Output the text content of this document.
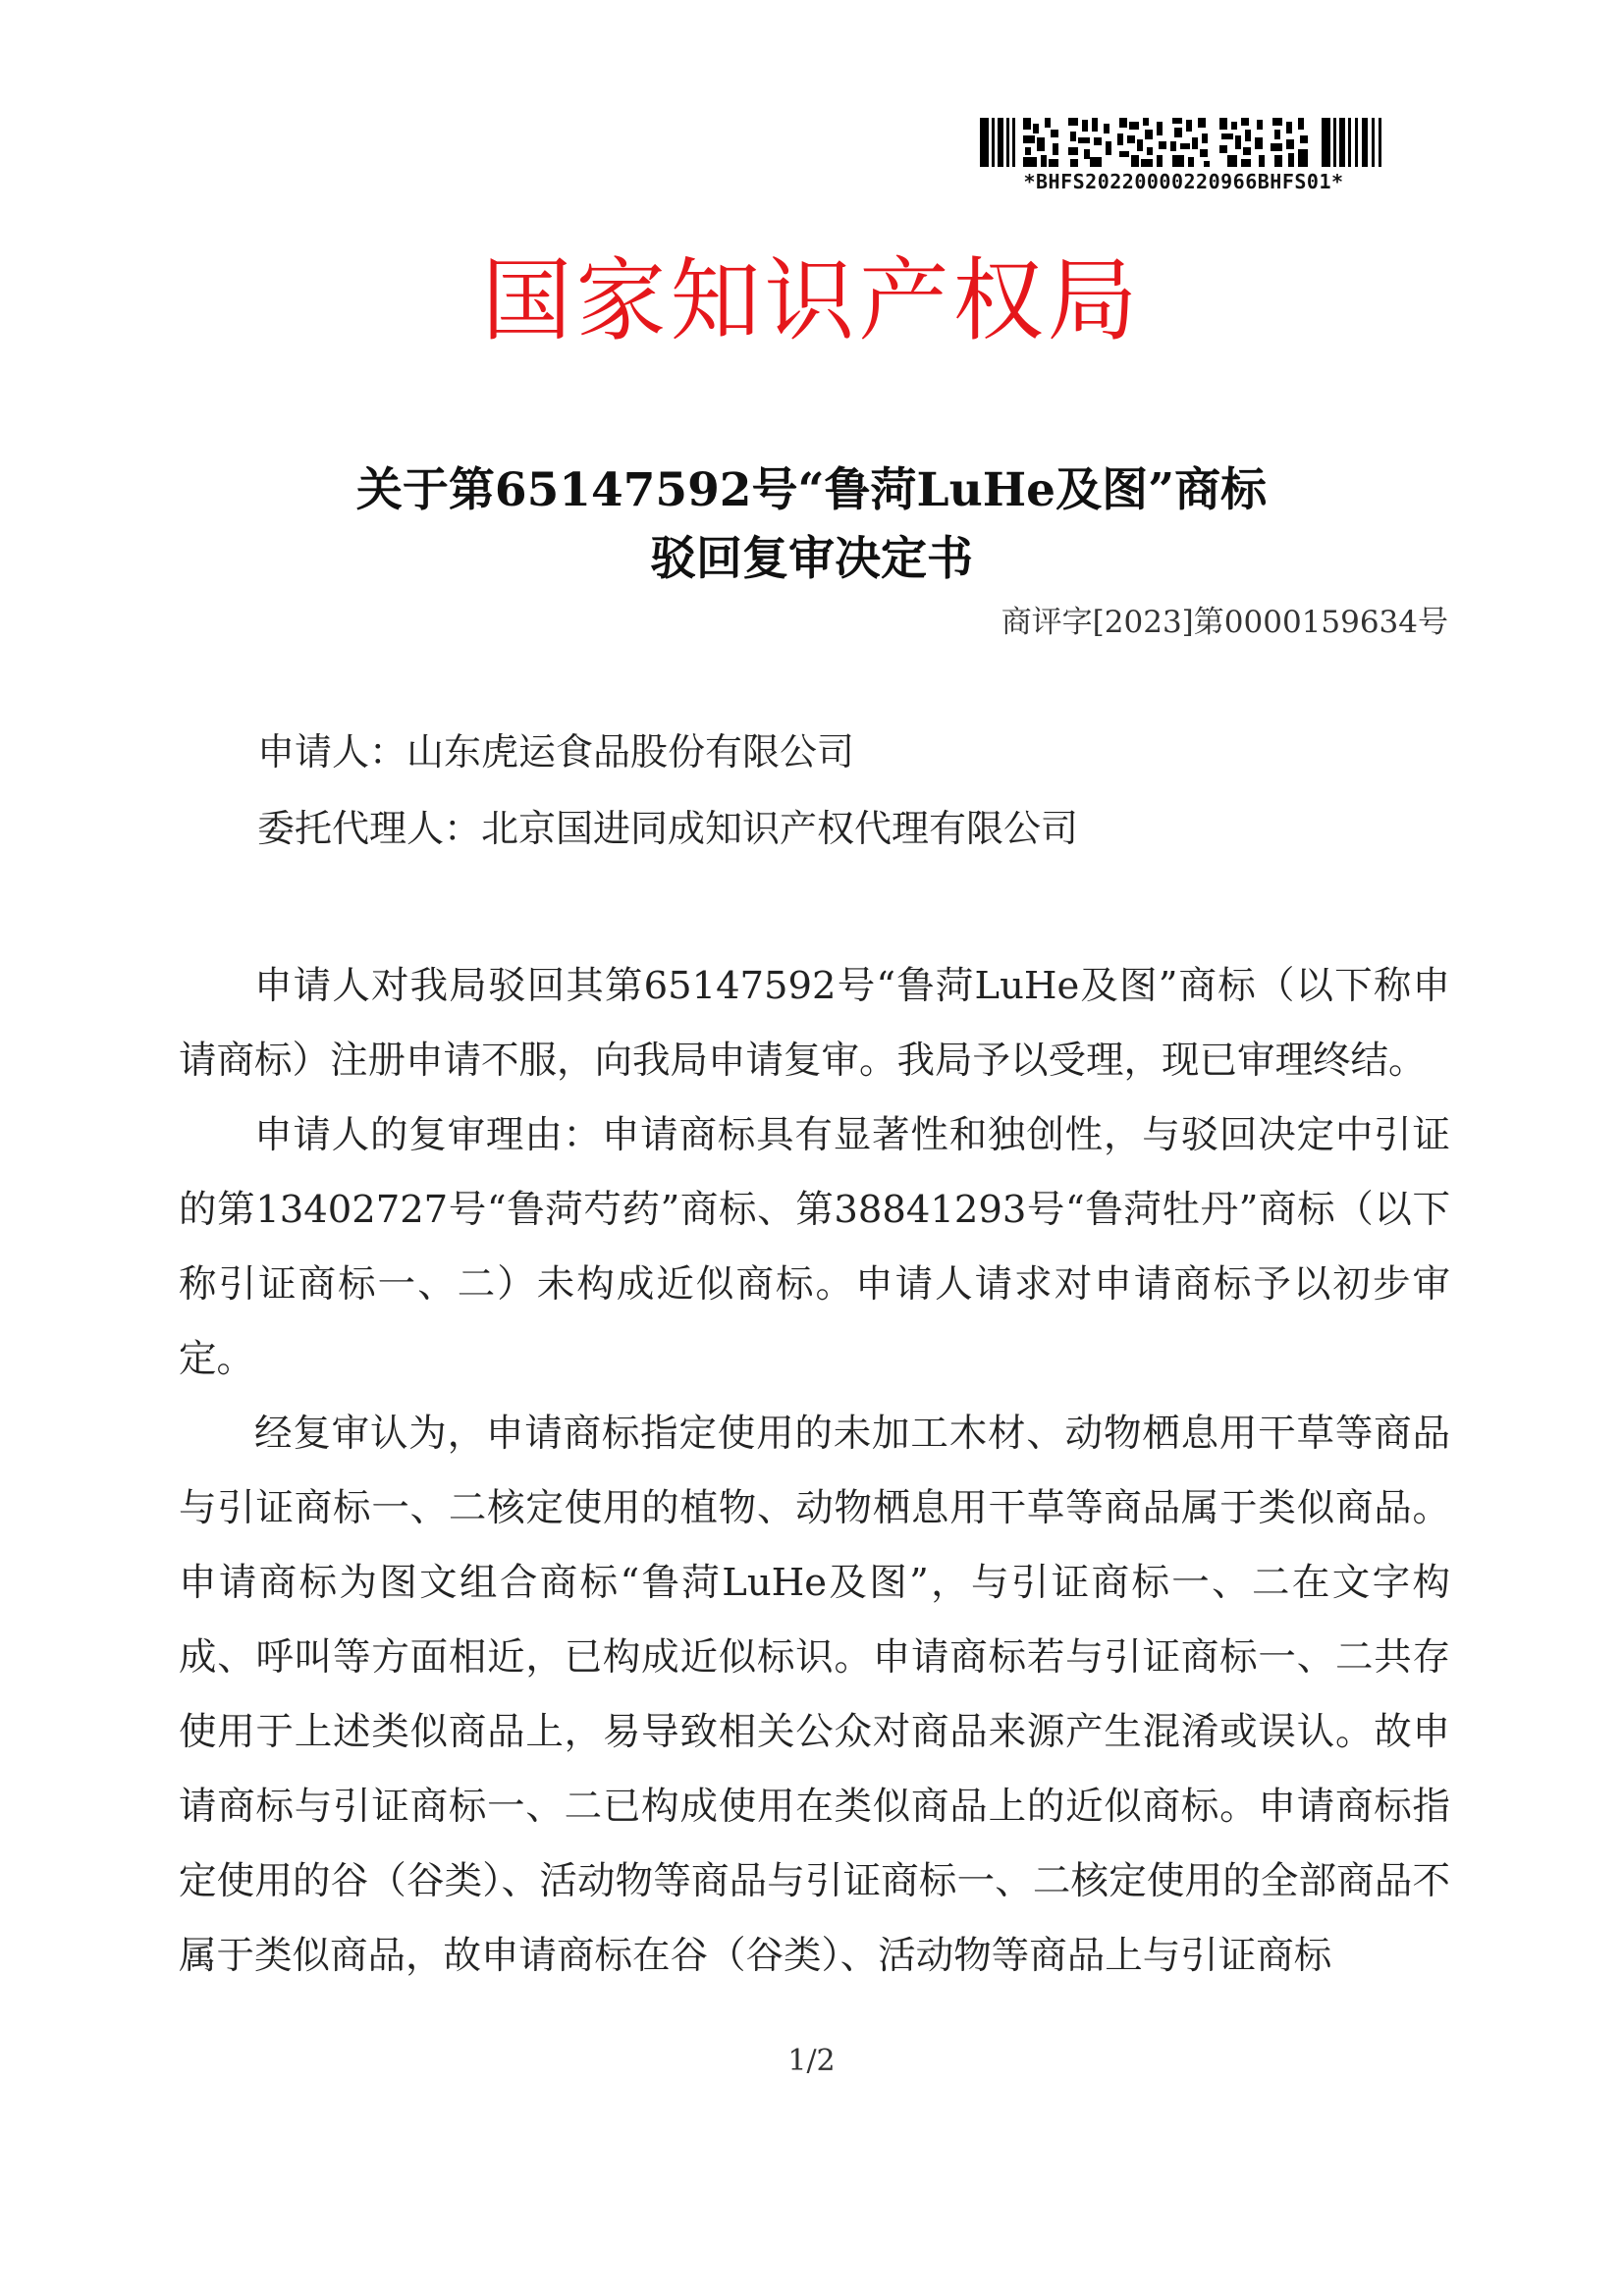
*BHFS20220000220966BHFS01*
国家知识产权局
关于第65147592号“鲁菏LuHe及图”商标
驳回复审决定书
商评字[2023]第0000159634号
申请人：山东虎运食品股份有限公司
委托代理人：北京国进同成知识产权代理有限公司

申请人对我局驳回其第65147592号“鲁菏LuHe及图”商标（以下称申请商标）注册申请不服，向我局申请复审。我局予以受理，现已审理终结。

申请人的复审理由：申请商标具有显著性和独创性，与驳回决定中引证的第13402727号“鲁菏芍药”商标、第38841293号“鲁菏牡丹”商标（以下称引证商标一、二）未构成近似商标。申请人请求对申请商标予以初步审定。

经复审认为，申请商标指定使用的未加工木材、动物栖息用干草等商品与引证商标一、二核定使用的植物、动物栖息用干草等商品属于类似商品。申请商标为图文组合商标“鲁菏LuHe及图”，与引证商标一、二在文字构成、呼叫等方面相近，已构成近似标识。申请商标若与引证商标一、二共存使用于上述类似商品上，易导致相关公众对商品来源产生混淆或误认。故申请商标与引证商标一、二已构成使用在类似商品上的近似商标。申请商标指定使用的谷（谷类）、活动物等商品与引证商标一、二核定使用的全部商品不属于类似商品，故申请商标在谷（谷类）、活动物等商品上与引证商标

1/2
